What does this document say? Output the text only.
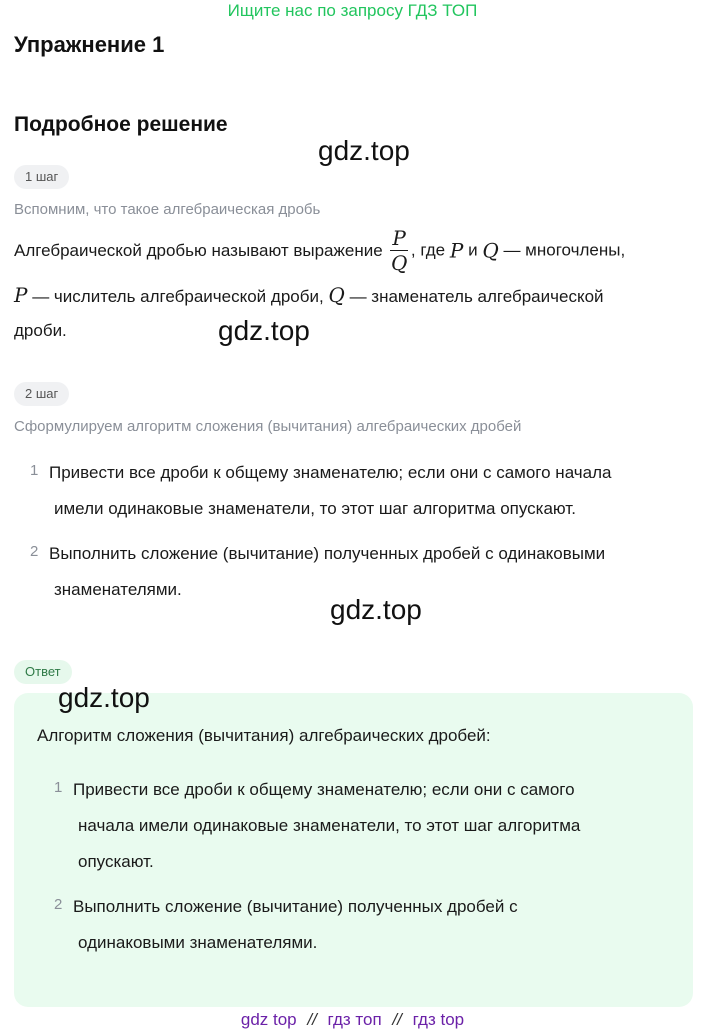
Ищите нас по запросу ГДЗ ТОП
Упражнение 1
Подробное решение
gdz.top
1 шаг
Вспомним, что такое алгебраическая дробь
Алгебраической дробью называют выражение $\frac{P}{Q}$ , где P и Q — многочлены,
P — числитель алгебраической дроби, Q — знаменатель алгебраической
дроби.	gdz.top
2 шаг
Сформулируем алгоритм сложения (вычитания) алгебраических дробей
1 Привести все дроби к общему знаменателю; если они с самого начала
имели одинаковые знаменатели, то этот шаг алгоритма опускают.
2 Выполнить сложение (вычитание) полученных дробей с одинаковыми
знаменателями.
gdz.top
Ответ
gdz.top
Алгоритм сложения (вычитания) алгебраических дробей:
1 Привести все дроби к общему знаменателю; если они с самого
начала имели одинаковые знаменатели, то этот шаг алгоритма
опускают.
2 Выполнить сложение (вычитание) полученных дробей с
одинаковыми знаменателями.
gdz top // гдз топ // гдз top
